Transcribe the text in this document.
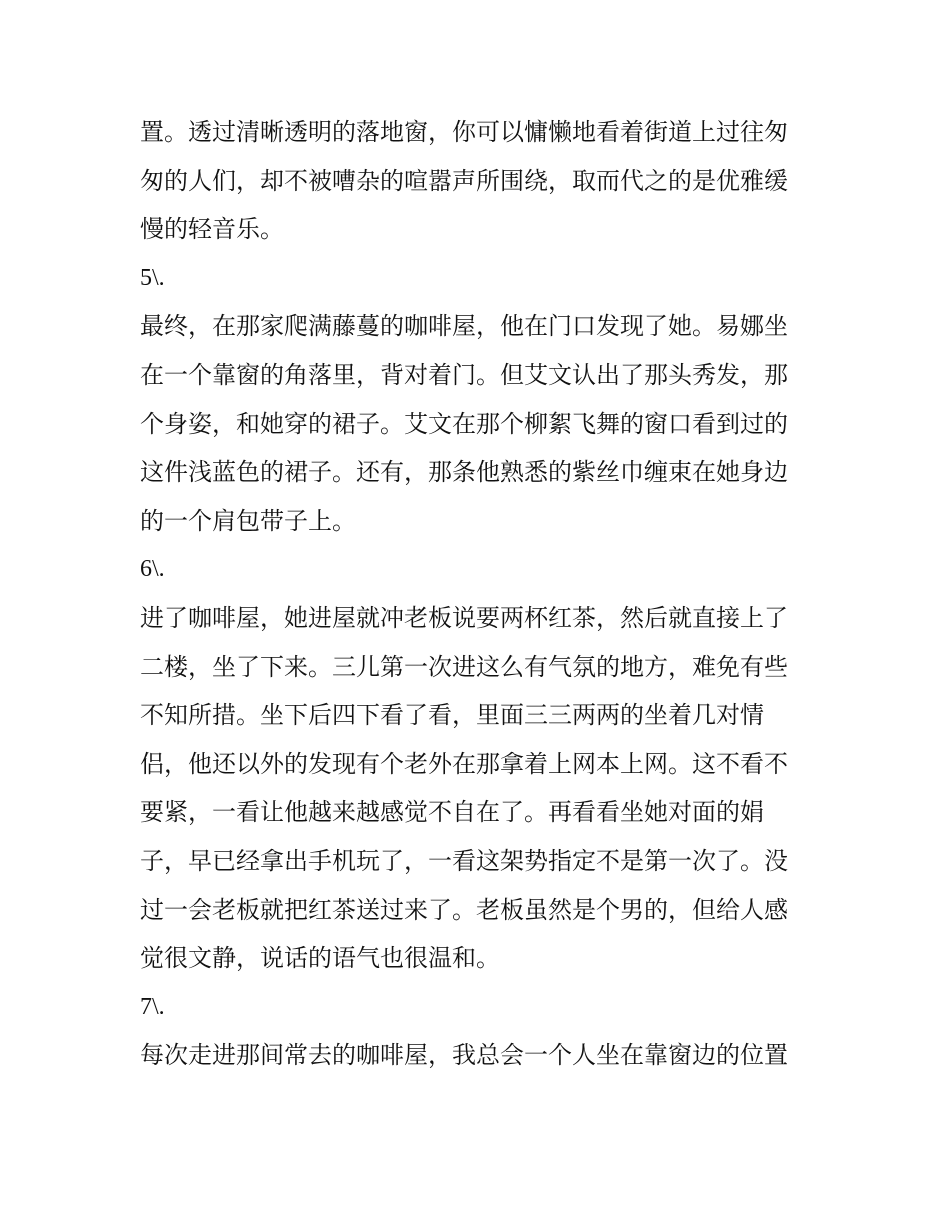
置。透过清晰透明的落地窗，你可以慵懒地看着街道上过往匆
匆的人们，却不被嘈杂的喧嚣声所围绕，取而代之的是优雅缓
慢的轻音乐。
5\.
最终，在那家爬满藤蔓的咖啡屋，他在门口发现了她。易娜坐
在一个靠窗的角落里，背对着门。但艾文认出了那头秀发，那
个身姿，和她穿的裙子。艾文在那个柳絮飞舞的窗口看到过的
这件浅蓝色的裙子。还有，那条他熟悉的紫丝巾缠束在她身边
的一个肩包带子上。
6\.
进了咖啡屋，她进屋就冲老板说要两杯红茶，然后就直接上了
二楼，坐了下来。三儿第一次进这么有气氛的地方，难免有些
不知所措。坐下后四下看了看，里面三三两两的坐着几对情
侣，他还以外的发现有个老外在那拿着上网本上网。这不看不
要紧，一看让他越来越感觉不自在了。再看看坐她对面的娟
子，早已经拿出手机玩了，一看这架势指定不是第一次了。没
过一会老板就把红茶送过来了。老板虽然是个男的，但给人感
觉很文静，说话的语气也很温和。
7\.
每次走进那间常去的咖啡屋，我总会一个人坐在靠窗边的位置
